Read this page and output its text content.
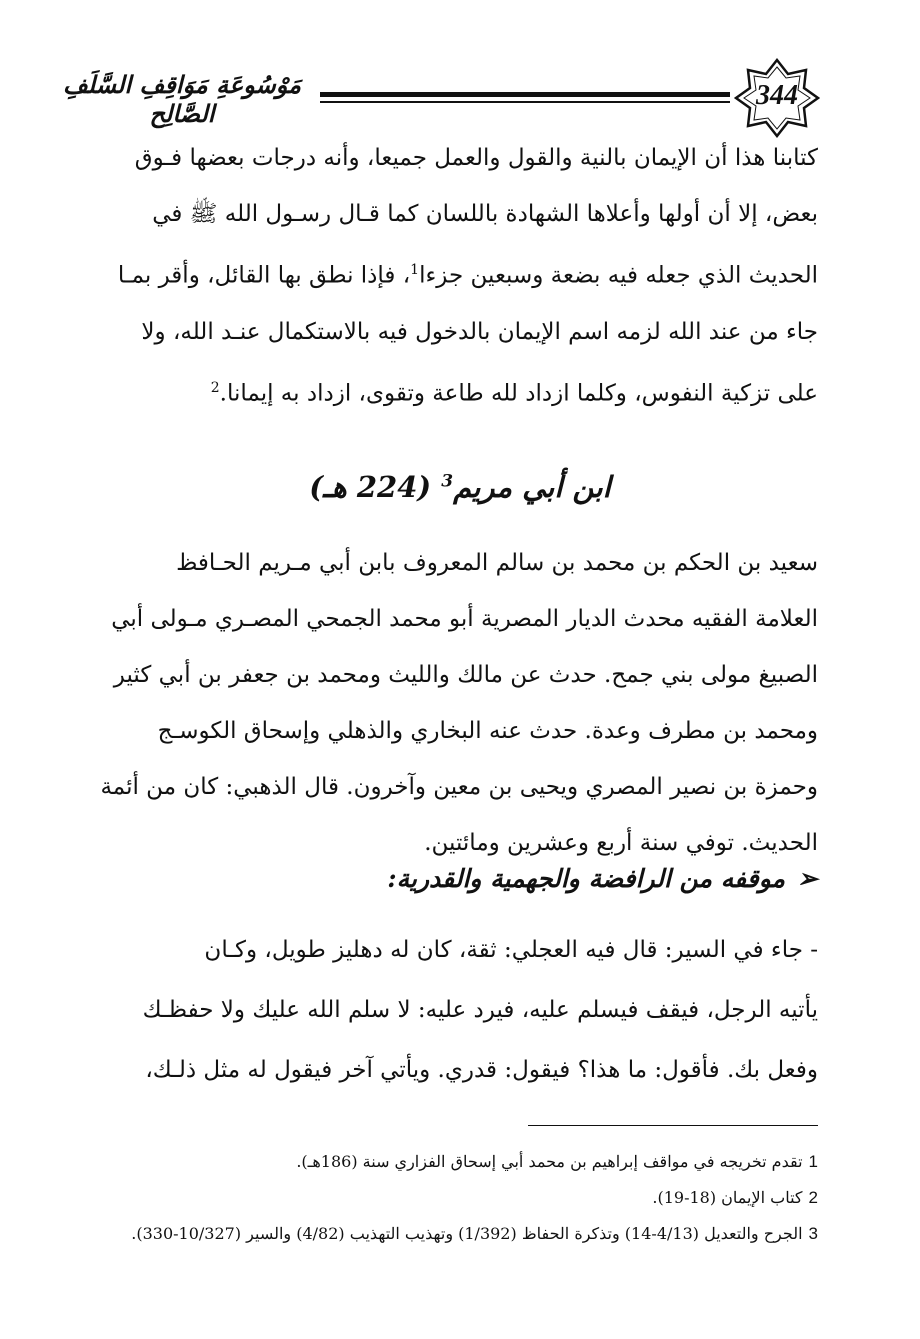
مَوْسُوعَةِ مَوَاقِفِ السَّلَفِ الصَّالِح
344
كتابنا هذا أن الإيمان بالنية والقول والعمل جميعا، وأنه درجات بعضها فـوق
بعض، إلا أن أولها وأعلاها الشهادة باللسان كما قـال رسـول الله ﷺ في
الحديث الذي جعله فيه بضعة وسبعين جزءا$^1$، فإذا نطق بها القائل، وأقر بمـا
جاء من عند الله لزمه اسم الإيمان بالدخول فيه بالاستكمال عنـد الله، ولا
على تزكية النفوس، وكلما ازداد لله طاعة وتقوى، ازداد به إيمانا.$^2$
ابن أبي مريم$^3$ (224 هـ)
سعيد بن الحكم بن محمد بن سالم المعروف بابن أبي مـريم الحـافظ
العلامة الفقيه محدث الديار المصرية أبو محمد الجمحي المصـري مـولى أبي
الصبيغ مولى بني جمح. حدث عن مالك والليث ومحمد بن جعفر بن أبي كثير
ومحمد بن مطرف وعدة. حدث عنه البخاري والذهلي وإسحاق الكوسـج
وحمزة بن نصير المصري ويحيى بن معين وآخرون. قال الذهبي: كان من أئمة
الحديث. توفي سنة أربع وعشرين ومائتين.
➢موقفه من الرافضة والجهمية والقدرية:
- جاء في السير: قال فيه العجلي: ثقة، كان له دهليز طويل، وكـان
يأتيه الرجل، فيقف فيسلم عليه، فيرد عليه: لا سلم الله عليك ولا حفظـك
وفعل بك. فأقول: ما هذا؟ فيقول: قدري. ويأتي آخر فيقول له مثل ذلـك،
1تقدم تخريجه في مواقف إبراهيم بن محمد أبي إسحاق الفزاري سنة (186هـ).
2كتاب الإيمان (18-19).
3الجرح والتعديل (4/13-14) وتذكرة الحفاظ (1/392) وتهذيب التهذيب (4/82) والسير (10/327-330).
